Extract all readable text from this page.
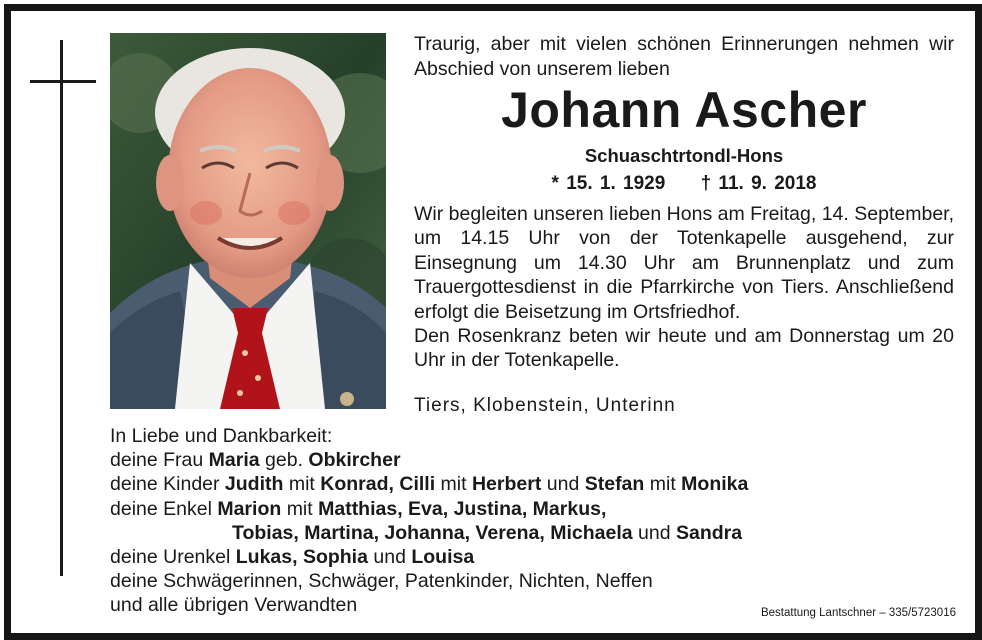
Traurig, aber mit vielen schönen Erinnerungen nehmen wir Abschied von unserem lieben
Johann Ascher
Schuaschtrtondl-Hons
* 15. 1. 1929 † 11. 9. 2018

Wir begleiten unseren lieben Hons am Freitag, 14. September, um 14.15 Uhr von der Totenkapelle ausgehend, zur Einsegnung um 14.30 Uhr am Brunnenplatz und zum Trauergottesdienst in die Pfarrkirche von Tiers. Anschließend erfolgt die Beisetzung im Ortsfriedhof.

Den Rosenkranz beten wir heute und am Donnerstag um 20 Uhr in der Totenkapelle.

Tiers, Klobenstein, Unterinn
In Liebe und Dankbarkeit:
deine Frau Maria geb. Obkircher
deine Kinder Judith mit Konrad, Cilli mit Herbert und Stefan mit Monika
deine Enkel Marion mit Matthias, Eva, Justina, Markus,
Tobias, Martina, Johanna, Verena, Michaela und Sandra
deine Urenkel Lukas, Sophia und Louisa
deine Schwägerinnen, Schwäger, Patenkinder, Nichten, Neffen
und alle übrigen Verwandten	Bestattung Lantschner – 335/5723016
